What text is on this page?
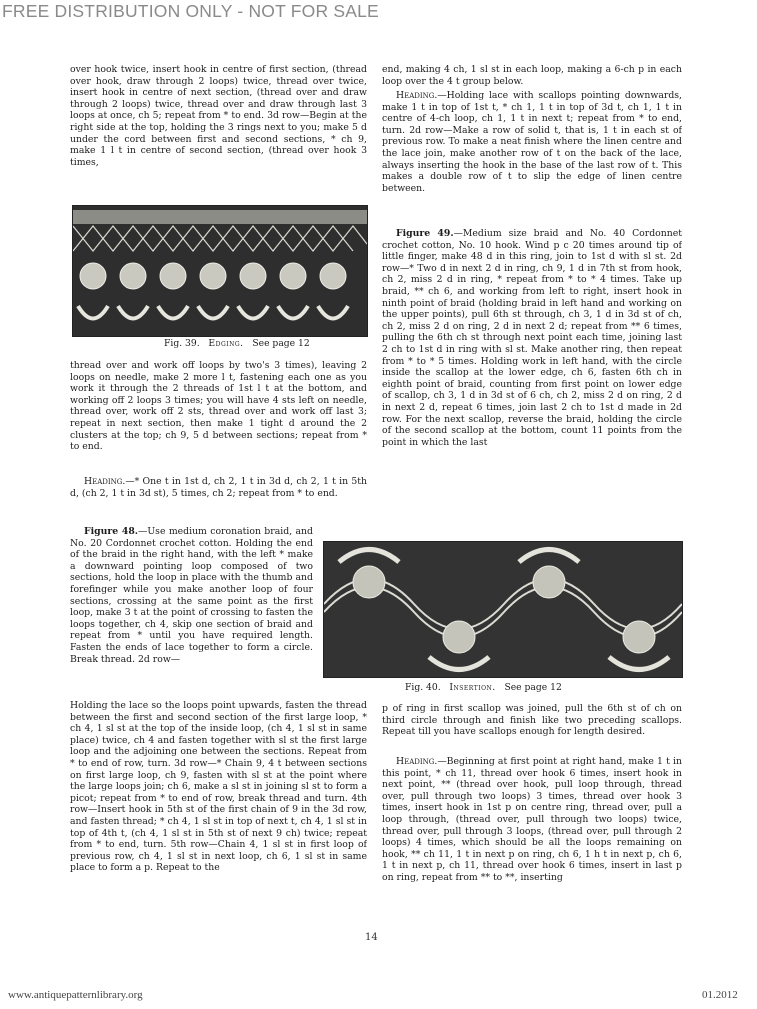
FREE DISTRIBUTION ONLY - NOT FOR SALE

over hook twice, insert hook in centre of first section, (thread over hook, draw through 2 loops) twice, thread over twice, insert hook in centre of next section, (thread over and draw through 2 loops) twice, thread over and draw through last 3 loops at once, ch 5; repeat from * to end. 3d row—Begin at the right side at the top, holding the 3 rings next to you; make 5 d under the cord between first and second sections, * ch 9, make 1 l t in centre of second section, (thread over hook 3 times,

Fig. 39. Edging. See page 12

thread over and work off loops by two's 3 times), leaving 2 loops on needle, make 2 more l t, fastening each one as you work it through the 2 threads of 1st l t at the bottom, and working off 2 loops 3 times; you will have 4 sts left on needle, thread over, work off 2 sts, thread over and work off last 3; repeat in next section, then make 1 tight d around the 2 clusters at the top; ch 9, 5 d between sections; repeat from * to end.

Heading.—* One t in 1st d, ch 2, 1 t in 3d d, ch 2, 1 t in 5th d, (ch 2, 1 t in 3d st), 5 times, ch 2; repeat from * to end.

Figure 48.—Use medium coronation braid, and No. 20 Cordonnet crochet cotton. Holding the end of the braid in the right hand, with the left * make a downward pointing loop composed of two sections, hold the loop in place with the thumb and forefinger while you make another loop of four sections, crossing at the same point as the first loop, make 3 t at the point of crossing to fasten the loops together, ch 4, skip one section of braid and repeat from * until you have required length. Fasten the ends of lace together to form a circle. Break thread. 2d row—

Holding the lace so the loops point upwards, fasten the thread between the first and second section of the first large loop, * ch 4, 1 sl st at the top of the inside loop, (ch 4, 1 sl st in same place) twice, ch 4 and fasten together with sl st the first large loop and the adjoining one between the sections. Repeat from * to end of row, turn. 3d row—* Chain 9, 4 t between sections on first large loop, ch 9, fasten with sl st at the point where the large loops join; ch 6, make a sl st in joining sl st to form a picot; repeat from * to end of row, break thread and turn. 4th row—Insert hook in 5th st of the first chain of 9 in the 3d row, and fasten thread; * ch 4, 1 sl st in top of next t, ch 4, 1 sl st in top of 4th t, (ch 4, 1 sl st in 5th st of next 9 ch) twice; repeat from * to end, turn. 5th row—Chain 4, 1 sl st in first loop of previous row, ch 4, 1 sl st in next loop, ch 6, 1 sl st in same place to form a p. Repeat to the

end, making 4 ch, 1 sl st in each loop, making a 6-ch p in each loop over the 4 t group below.

Heading.—Holding lace with scallops pointing downwards, make 1 t in top of 1st t, * ch 1, 1 t in top of 3d t, ch 1, 1 t in centre of 4-ch loop, ch 1, 1 t in next t; repeat from * to end, turn. 2d row—Make a row of solid t, that is, 1 t in each st of previous row. To make a neat finish where the linen centre and the lace join, make another row of t on the back of the lace, always inserting the hook in the base of the last row of t. This makes a double row of t to slip the edge of linen centre between.

Figure 49.—Medium size braid and No. 40 Cordonnet crochet cotton, No. 10 hook. Wind p c 20 times around tip of little finger, make 48 d in this ring, join to 1st d with sl st. 2d row—* Two d in next 2 d in ring, ch 9, 1 d in 7th st from hook, ch 2, miss 2 d in ring, * repeat from * to * 4 times. Take up braid, ** ch 6, and working from left to right, insert hook in ninth point of braid (holding braid in left hand and working on the upper points), pull 6th st through, ch 3, 1 d in 3d st of ch, ch 2, miss 2 d on ring, 2 d in next 2 d; repeat from ** 6 times, pulling the 6th ch st through next point each time, joining last 2 ch to 1st d in ring with sl st. Make another ring, then repeat from * to * 5 times. Holding work in left hand, with the circle inside the scallop at the lower edge, ch 6, fasten 6th ch in eighth point of braid, counting from first point on lower edge of scallop, ch 3, 1 d in 3d st of 6 ch, ch 2, miss 2 d on ring, 2 d in next 2 d, repeat 6 times, join last 2 ch to 1st d made in 2d row. For the next scallop, reverse the braid, holding the circle of the second scallop at the bottom, count 11 points from the point in which the last

Fig. 40. Insertion. See page 12

p of ring in first scallop was joined, pull the 6th st of ch on third circle through and finish like two preceding scallops. Repeat till you have scallops enough for length desired.

Heading.—Beginning at first point at right hand, make 1 t in this point, * ch 11, thread over hook 6 times, insert hook in next point, ** (thread over hook, pull loop through, thread over, pull through two loops) 3 times, thread over hook 3 times, insert hook in 1st p on centre ring, thread over, pull a loop through, (thread over, pull through two loops) twice, thread over, pull through 3 loops, (thread over, pull through 2 loops) 4 times, which should be all the loops remaining on hook, ** ch 11, 1 t in next p on ring, ch 6, 1 h t in next p, ch 6, 1 t in next p, ch 11, thread over hook 6 times, insert in last p on ring, repeat from ** to **, inserting

14
www.antiquepatternlibrary.org	01.2012
